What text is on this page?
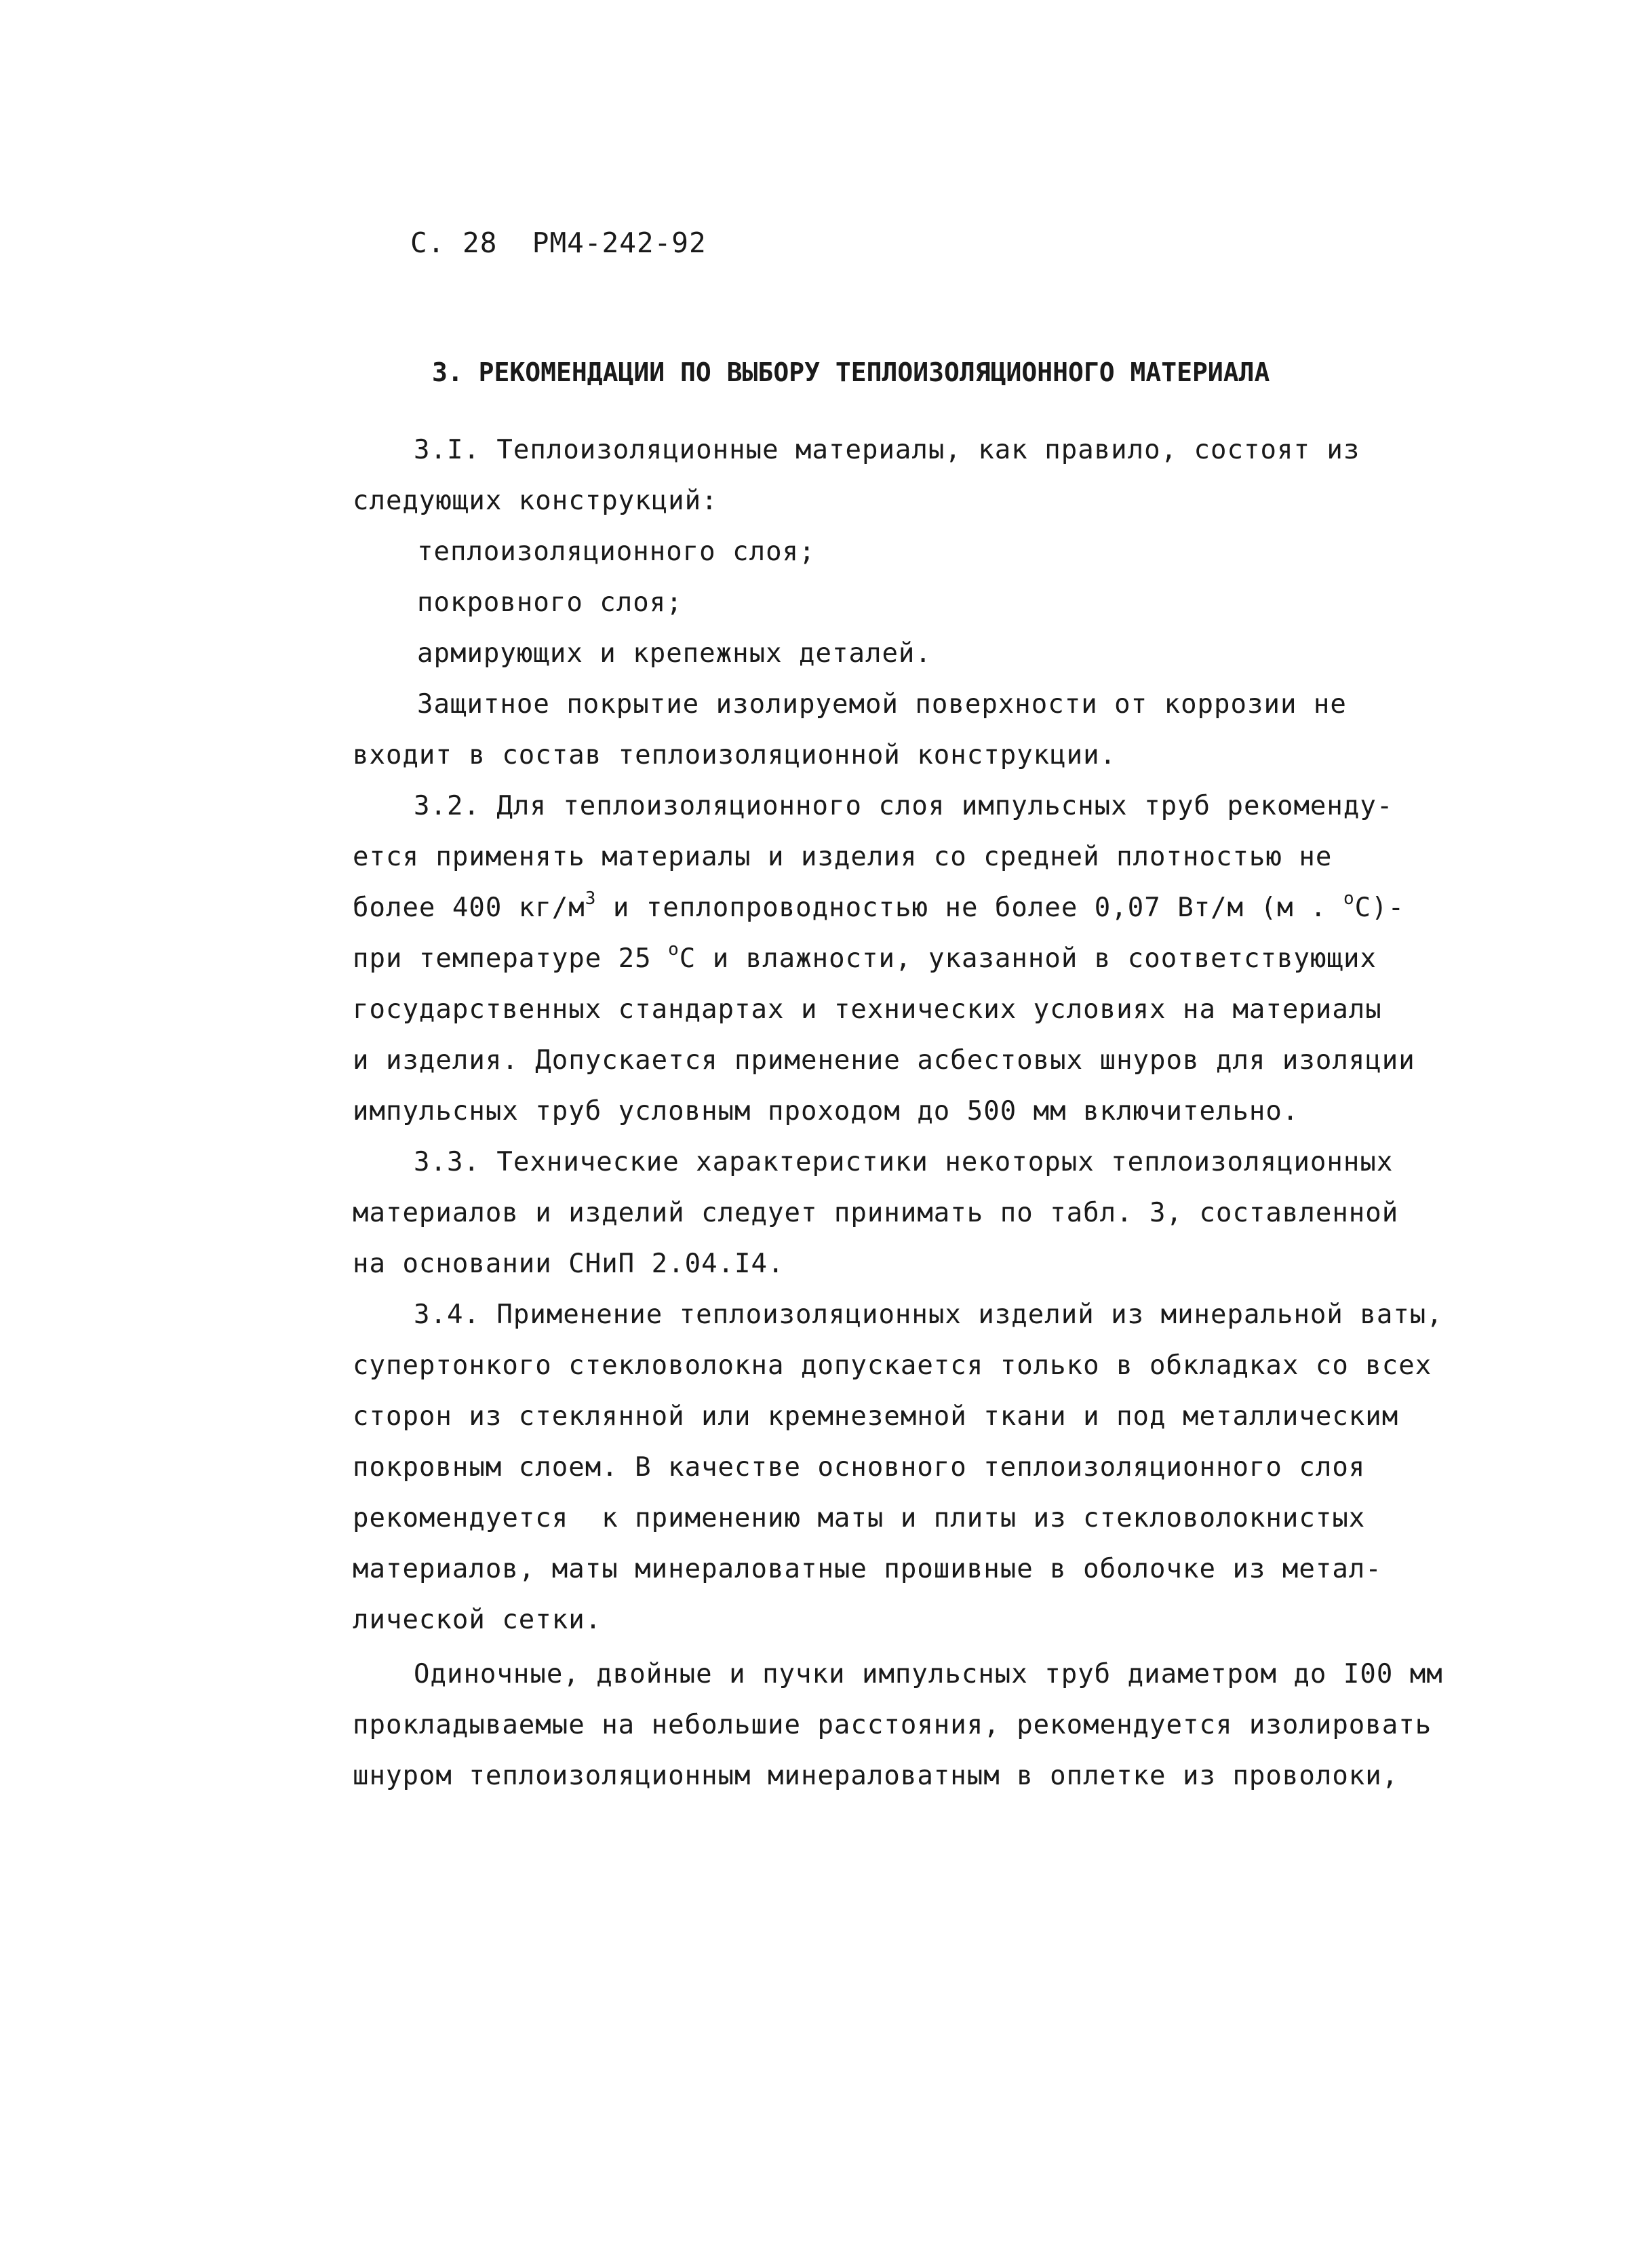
С. 28  РМ4-242-92

3. РЕКОМЕНДАЦИИ ПО ВЫБОРУ ТЕПЛОИЗОЛЯЦИОННОГО МАТЕРИАЛА

3.I. Теплоизоляционные материалы, как правило, состоят из

следующих конструкций:

теплоизоляционного слоя;

покровного слоя;

армирующих и крепежных деталей.

Защитное покрытие изолируемой поверхности от коррозии не

входит в состав теплоизоляционной конструкции.

3.2. Для теплоизоляционного слоя импульсных труб рекоменду-

ется применять материалы и изделия со средней плотностью не

более 400 $кг/м^3$ и теплопроводностью не более 0,07 Вт/м (м . $^о$С)-

при температуре 25 $^о$С и влажности, указанной в соответствующих

государственных стандартах и технических условиях на материалы

и изделия. Допускается применение асбестовых шнуров для изоляции

импульсных труб условным проходом до 500 мм включительно.

3.3. Технические характеристики некоторых теплоизоляционных

материалов и изделий следует принимать по табл. 3, составленной

на основании СНиП 2.04.I4.

3.4. Применение теплоизоляционных изделий из минеральной ваты,

супертонкого стекловолокна допускается только в обкладках со всех

сторон из стеклянной или кремнеземной ткани и под металлическим

покровным слоем. В качестве основного теплоизоляционного слоя

рекомендуется  к применению маты и плиты из стекловолокнистых

материалов, маты минераловатные прошивные в оболочке из метал-

лической сетки.

Одиночные, двойные и пучки импульсных труб диаметром до I00 мм

прокладываемые на небольшие расстояния, рекомендуется изолировать

шнуром теплоизоляционным минераловатным в оплетке из проволоки,
